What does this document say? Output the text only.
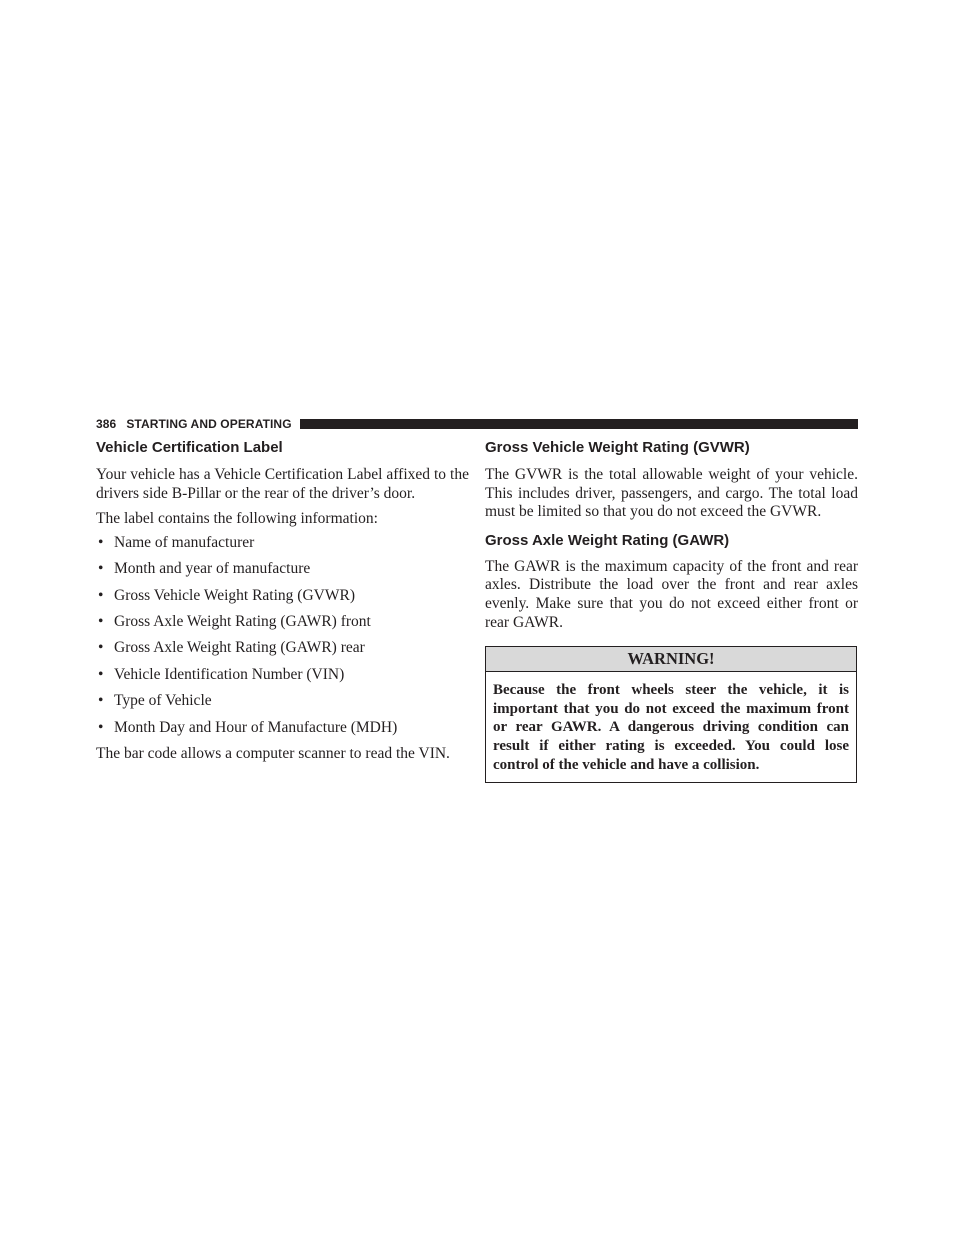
386 STARTING AND OPERATING
Vehicle Certification Label

Your vehicle has a Vehicle Certification Label affixed to the drivers side B-Pillar or the rear of the driver’s door.

The label contains the following information:

• Name of manufacturer
• Month and year of manufacture
• Gross Vehicle Weight Rating (GVWR)
• Gross Axle Weight Rating (GAWR) front
• Gross Axle Weight Rating (GAWR) rear
• Vehicle Identification Number (VIN)
• Type of Vehicle
• Month Day and Hour of Manufacture (MDH)

The bar code allows a computer scanner to read the VIN.

Gross Vehicle Weight Rating (GVWR)

The GVWR is the total allowable weight of your vehicle. This includes driver, passengers, and cargo. The total load must be limited so that you do not exceed the GVWR.

Gross Axle Weight Rating (GAWR)

The GAWR is the maximum capacity of the front and rear axles. Distribute the load over the front and rear axles evenly. Make sure that you do not exceed either front or rear GAWR.

WARNING!
Because the front wheels steer the vehicle, it is important that you do not exceed the maximum front or rear GAWR. A dangerous driving condition can result if either rating is exceeded. You could lose control of the vehicle and have a collision.
